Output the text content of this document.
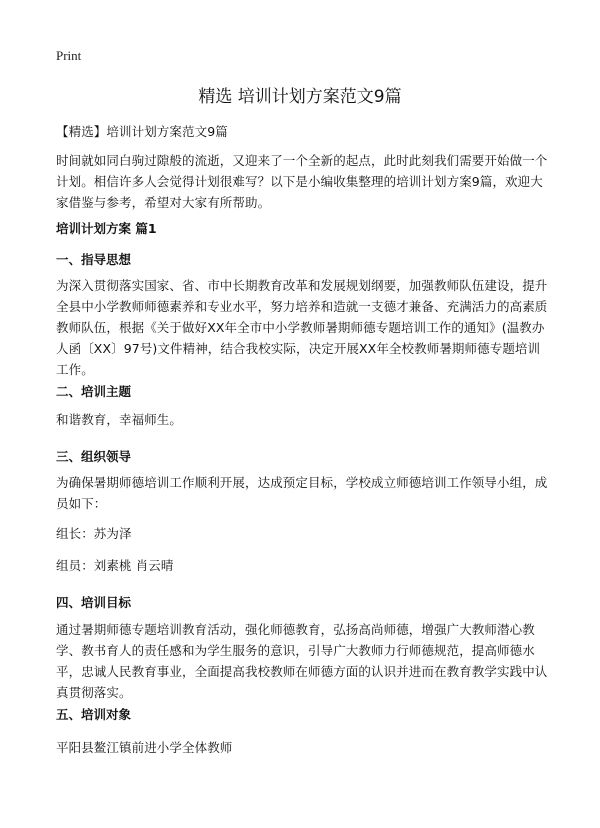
Print
精选 培训计划方案范文9篇

【精选】培训计划方案范文9篇

时间就如同白驹过隙般的流逝，又迎来了一个全新的起点，此时此刻我们需要开始做一个计划。相信许多人会觉得计划很难写？以下是小编收集整理的培训计划方案9篇，欢迎大家借鉴与参考，希望对大家有所帮助。

培训计划方案 篇1
一、指导思想

为深入贯彻落实国家、省、市中长期教育改革和发展规划纲要，加强教师队伍建设，提升全县中小学教师师德素养和专业水平，努力培养和造就一支德才兼备、充满活力的高素质教师队伍，根据《关于做好XX年全市中小学教师暑期师德专题培训工作的通知》(温教办人函〔XX〕97号)文件精神，结合我校实际，决定开展XX年全校教师暑期师德专题培训工作。

二、培训主题

和谐教育，幸福师生。

三、组织领导

为确保暑期师德培训工作顺利开展，达成预定目标，学校成立师德培训工作领导小组，成员如下：

组长：苏为泽

组员：刘素桃 肖云晴

四、培训目标

通过暑期师德专题培训教育活动，强化师德教育，弘扬高尚师德，增强广大教师潜心教学、教书育人的责任感和为学生服务的意识，引导广大教师力行师德规范，提高师德水平，忠诚人民教育事业，全面提高我校教师在师德方面的认识并进而在教育教学实践中认真贯彻落实。

五、培训对象

平阳县鳌江镇前进小学全体教师
